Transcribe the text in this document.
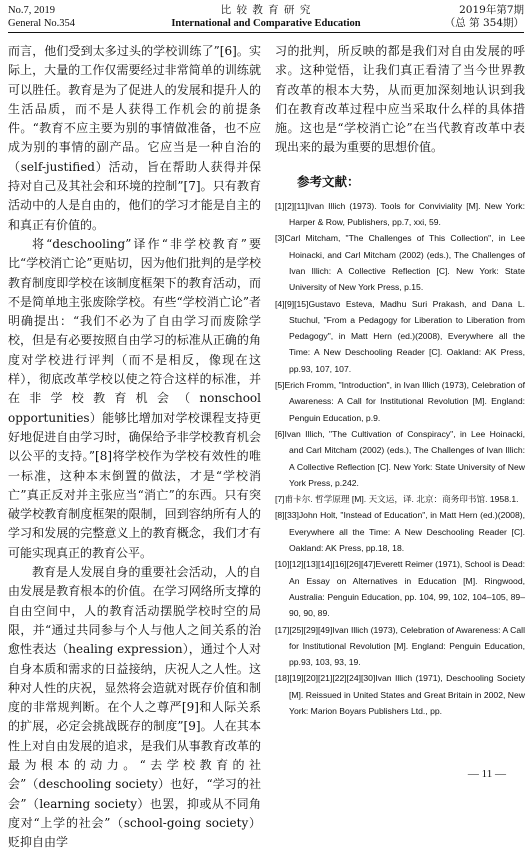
No.7, 2019
General No.354
比 较 教 育 研 究
International and Comparative Education
2019年第7期
（总 第 354期）

而言，他们受到太多过头的学校训练了”[6]。实际上，大量的工作仅需要经过非常简单的训练就可以胜任。教育是为了促进人的发展和提升人的生活品质，而不是人获得工作机会的前提条件。“教育不应主要为别的事情做准备，也不应成为别的事情的副产品。它应当是一种自治的（self-justified）活动，旨在帮助人获得并保持对自己及其社会和环境的控制”[7]。只有教育活动中的人是自由的，他们的学习才能是自主的和真正有价值的。

将“deschooling”译作“非学校教育”要比“学校消亡论”更贴切，因为他们批判的是学校教育制度即学校在该制度框架下的教育活动，而不是简单地主张废除学校。有些“学校消亡论”者明确提出：“我们不必为了自由学习而废除学校，但是有必要按照自由学习的标准从正确的角度对学校进行评判（而不是相反，像现在这样），彻底改革学校以使之符合这样的标准，并在非学校教育机会（nonschool opportunities）能够比增加对学校课程支持更好地促进自由学习时，确保给予非学校教育机会以公平的支持。”[8]将学校作为学校有效性的唯一标准，这种本末倒置的做法，才是“学校消亡”真正反对并主张应当“消亡”的东西。只有突破学校教育制度框架的限制，回到容纳所有人的学习和发展的完整意义上的教育概念，我们才有可能实现真正的教育公平。

教育是人发展自身的重要社会活动，人的自由发展是教育根本的价值。在学习网络所支撑的自由空间中，人的教育活动摆脱学校时空的局限，并“通过共同参与个人与他人之间关系的治愈性表达（healing expression），通过个人对自身本质和需求的日益接纳，庆祝人之人性。这种对人性的庆祝，显然将会造就对既存价值和制度的非常规判断。在个人之尊严[9]和人际关系的扩展，必定会挑战既存的制度”[9]。人在其本性上对自由发展的追求，是我们从事教育改革的最为根本的动力。“去学校教育的社会”（deschooling society）也好，“学习的社会”（learning society）也罢，抑或从不同角度对“上学的社会”（school-going society）贬抑自由学

习的批判，所反映的都是我们对自由发展的呼求。这种觉悟，让我们真正看清了当今世界教育改革的根本大势，从而更加深刻地认识到我们在教育改革过程中应当采取什么样的具体措施。这也是“学校消亡论”在当代教育改革中表现出来的最为重要的思想价值。

参考文献：
[1][2][11]Ivan Illich (1973). Tools for Conviviality [M]. New York: Harper & Row, Publishers, pp.7, xxi, 59.
[3]Carl Mitcham, "The Challenges of This Collection", in Lee Hoinacki, and Carl Mitcham (2002) (eds.), The Challenges of Ivan Illich: A Collective Reflection [C]. New York: State University of New York Press, p.15.
[4][9][15]Gustavo Esteva, Madhu Suri Prakash, and Dana L. Stuchul, "From a Pedagogy for Liberation to Liberation from Pedagogy", in Matt Hern (ed.)(2008), Everywhere all the Time: A New Deschooling Reader [C]. Oakland: AK Press, pp.93, 107, 107.
[5]Erich Fromm, "Introduction", in Ivan Illich (1973), Celebration of Awareness: A Call for Institutional Revolution [M]. England: Penguin Education, p.9.
[6]Ivan Illich, "The Cultivation of Conspiracy", in Lee Hoinacki, and Carl Mitcham (2002) (eds.), The Challenges of Ivan Illich: A Collective Reflection [C]. New York: State University of New York Press, p.242.
[7]甫卡尔. 哲学原理 [M]. 天文运，译. 北京：商务印书馆. 1958.1.
[8][33]John Holt, "Instead of Education", in Matt Hern (ed.)(2008), Everywhere all the Time: A New Deschooling Reader [C]. Oakland: AK Press, pp.18, 18.
[10][12][13][14][16][26][47]Everett Reimer (1971), School is Dead: An Essay on Alternatives in Education [M]. Ringwood, Australia: Penguin Education, pp. 104, 99, 102, 104–105, 89–90, 90, 89.
[17][25][29][49]Ivan Illich (1973), Celebration of Awareness: A Call for Institutional Revolution [M]. England: Penguin Education, pp.93, 103, 93, 19.
[18][19][20][21][22][24][30]Ivan Illich (1971), Deschooling Society [M]. Reissued in United States and Great Britain in 2002, New York: Marion Boyars Publishers Ltd., pp.
— 11 —
